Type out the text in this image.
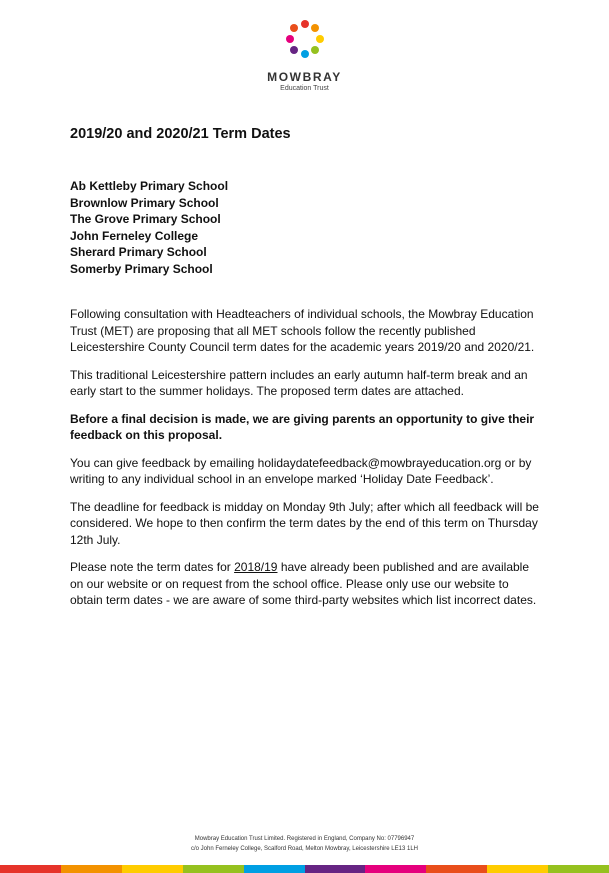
MOWBRAY
Education Trust
2019/20 and 2020/21 Term Dates
Ab Kettleby Primary School
Brownlow Primary School
The Grove Primary School
John Ferneley College
Sherard Primary School
Somerby Primary School

Following consultation with Headteachers of individual schools, the Mowbray Education Trust (MET) are proposing that all MET schools follow the recently published Leicestershire County Council term dates for the academic years 2019/20 and 2020/21.

This traditional Leicestershire pattern includes an early autumn half-term break and an early start to the summer holidays. The proposed term dates are attached.

Before a final decision is made, we are giving parents an opportunity to give their feedback on this proposal.

You can give feedback by emailing holidaydatefeedback@mowbrayeducation.org or by writing to any individual school in an envelope marked ‘Holiday Date Feedback’.

The deadline for feedback is midday on Monday 9th July; after which all feedback will be considered. We hope to then confirm the term dates by the end of this term on Thursday 12th July.

Please note the term dates for 2018/19 have already been published and are available on our website or on request from the school office. Please only use our website to obtain term dates - we are aware of some third-party websites which list incorrect dates.

Mowbray Education Trust Limited. Registered in England, Company No: 07796947
c/o John Ferneley College, Scalford Road, Melton Mowbray, Leicestershire LE13 1LH
